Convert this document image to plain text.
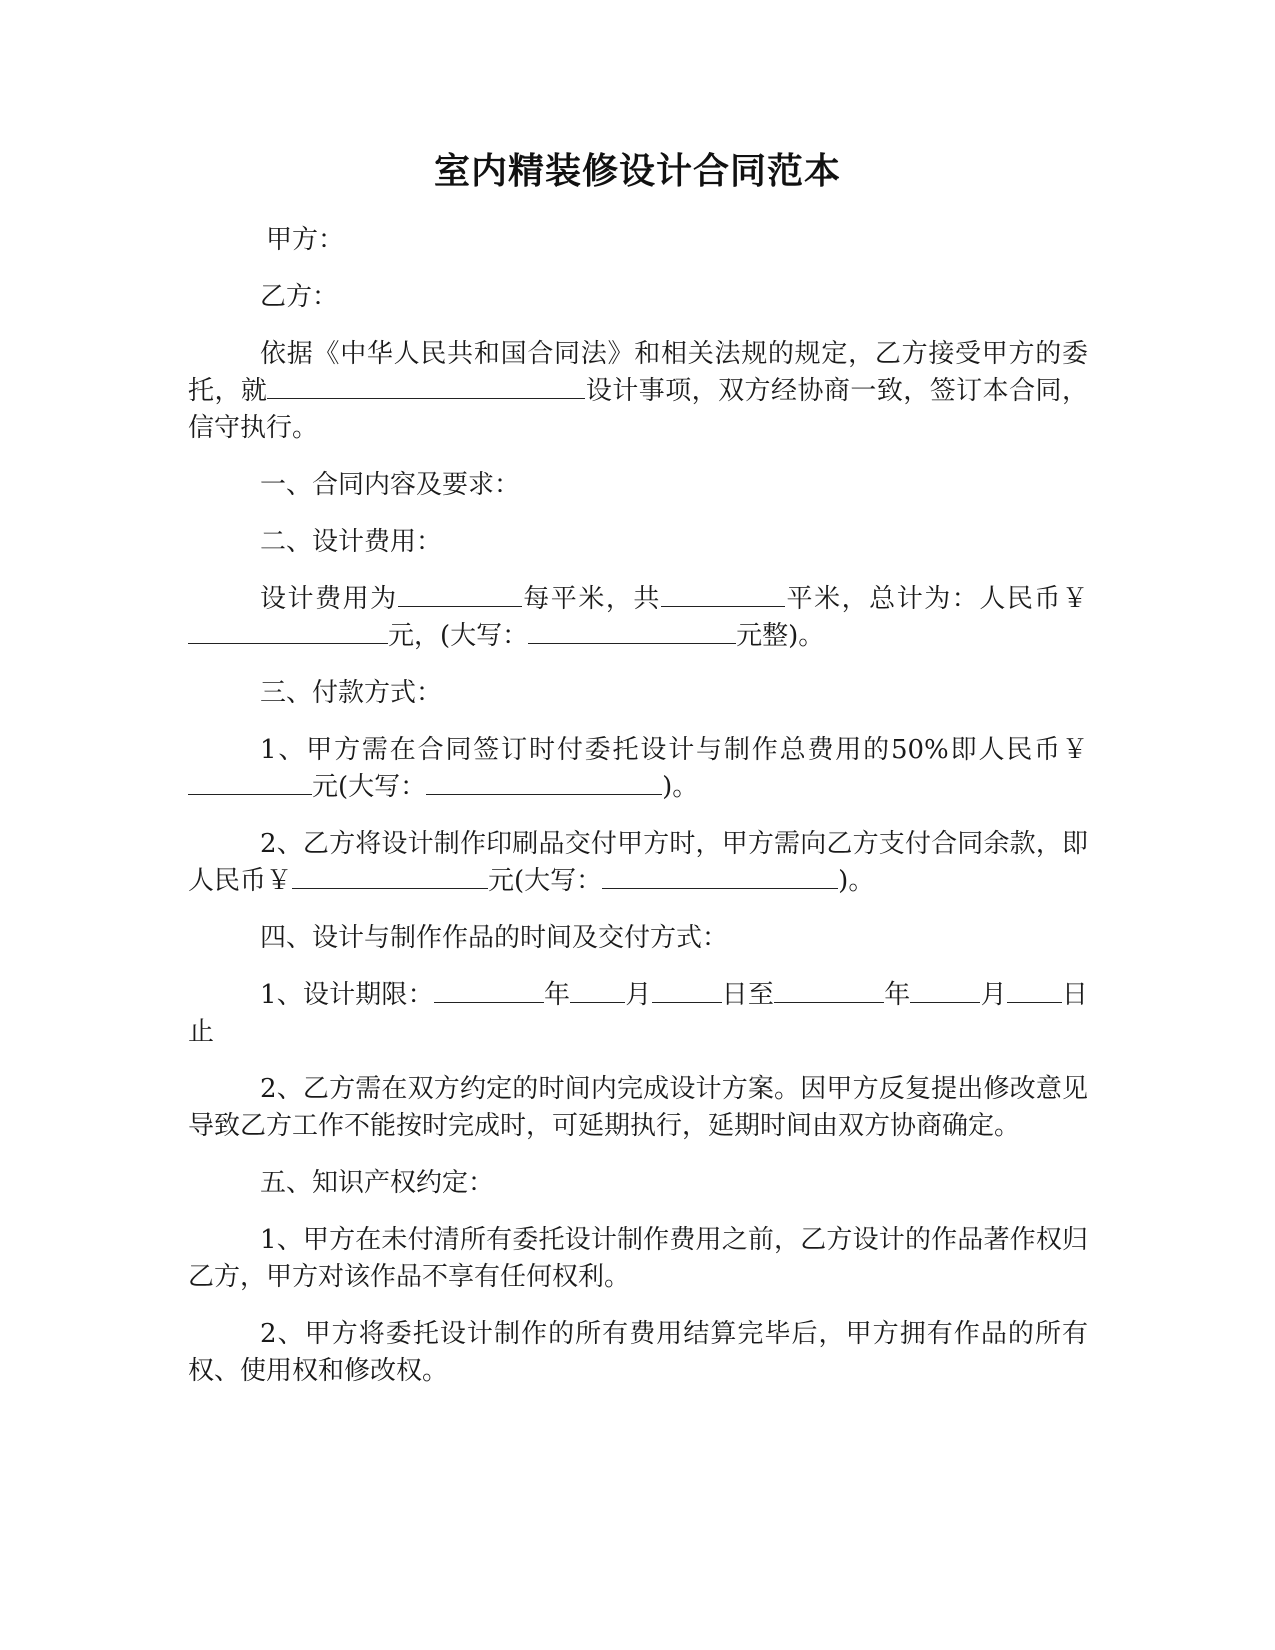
室内精装修设计合同范本

甲方：

乙方：

依据《中华人民共和国合同法》和相关法规的规定，乙方接受甲方的委托，就	设计事项，双方经协商一致，签订本合同，信守执行。

一、合同内容及要求：

二、设计费用：

设计费用为	每平米，共	平米，总计为：人民币￥元，(大写：	元整)。

三、付款方式：

1、甲方需在合同签订时付委托设计与制作总费用的50%即人民币￥元(大写：	)。

2、乙方将设计制作印刷品交付甲方时，甲方需向乙方支付合同余款，即人民币￥	元(大写：	)。

四、设计与制作作品的时间及交付方式：

1、设计期限：	年 月	日至	年	月 日止

2、乙方需在双方约定的时间内完成设计方案。因甲方反复提出修改意见导致乙方工作不能按时完成时，可延期执行，延期时间由双方协商确定。

五、知识产权约定：

1、甲方在未付清所有委托设计制作费用之前，乙方设计的作品著作权归乙方，甲方对该作品不享有任何权利。

2、甲方将委托设计制作的所有费用结算完毕后，甲方拥有作品的所有权、使用权和修改权。
